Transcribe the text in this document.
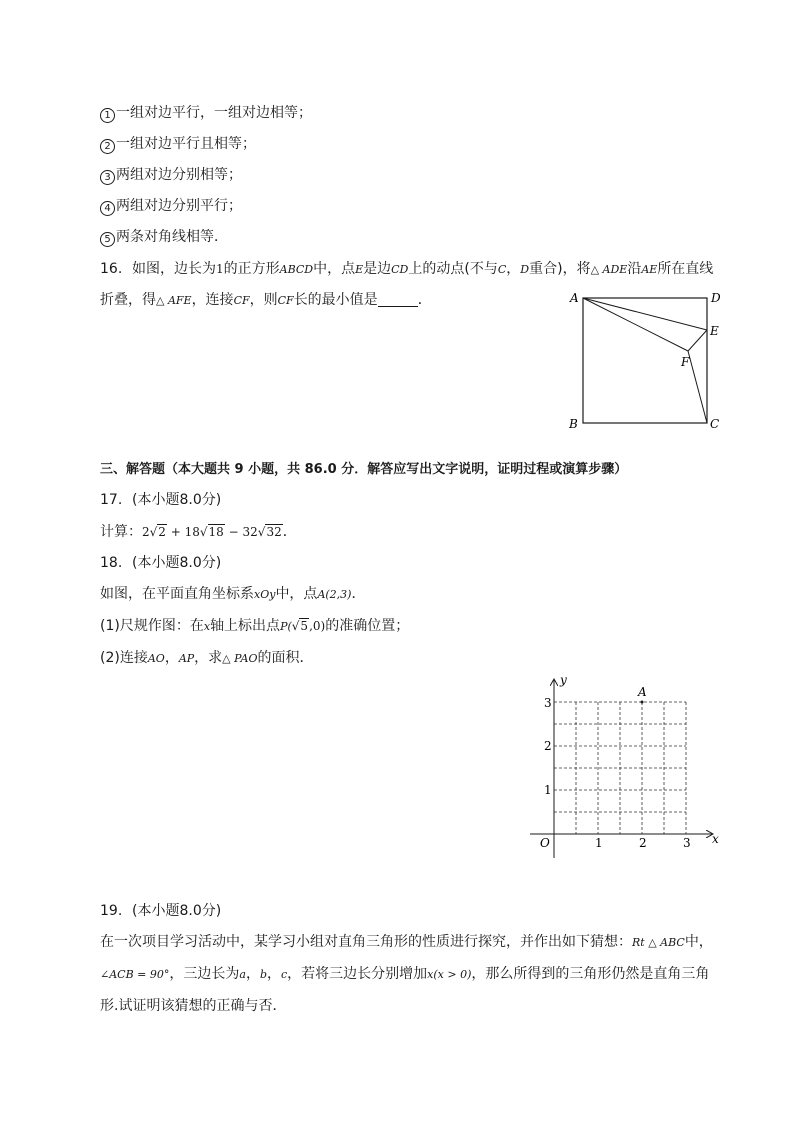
1 一组对边平行，一组对边相等；
2 一组对边平行且相等；
3 两组对边分别相等；
4 两组对边分别平行；
5 两条对角线相等．
16. 如图，边长为1的正方形ABCD中，点E是边CD上的动点(不与C，D重合)，将△ ADE沿AE所在直线
折叠，得△ AFE，连接CF，则CF长的最小值是	．	A	D
E
F
B	C
三、解答题（本大题共 9 小题，共 86.0 分．解答应写出文字说明，证明过程或演算步骤）
17. (本小题8.0分)
计算：2√2 + 18√18 − 32√32．
18. (本小题8.0分)
如图，在平面直角坐标系xOy中，点A(2,3)．
(1)尺规作图：在x轴上标出点P(√5,0)的准确位置；
(2)连接AO，AP，求△ PAO的面积．
A
y
x
O	1	2	3
1
2
3
19. (本小题8.0分)
在一次项目学习活动中，某学习小组对直角三角形的性质进行探究，并作出如下猜想：Rt △ ABC中，
∠ACB = 90°，三边长为a，b，c，若将三边长分别增加x(x > 0)，那么所得到的三角形仍然是直角三角
形.试证明该猜想的正确与否．
